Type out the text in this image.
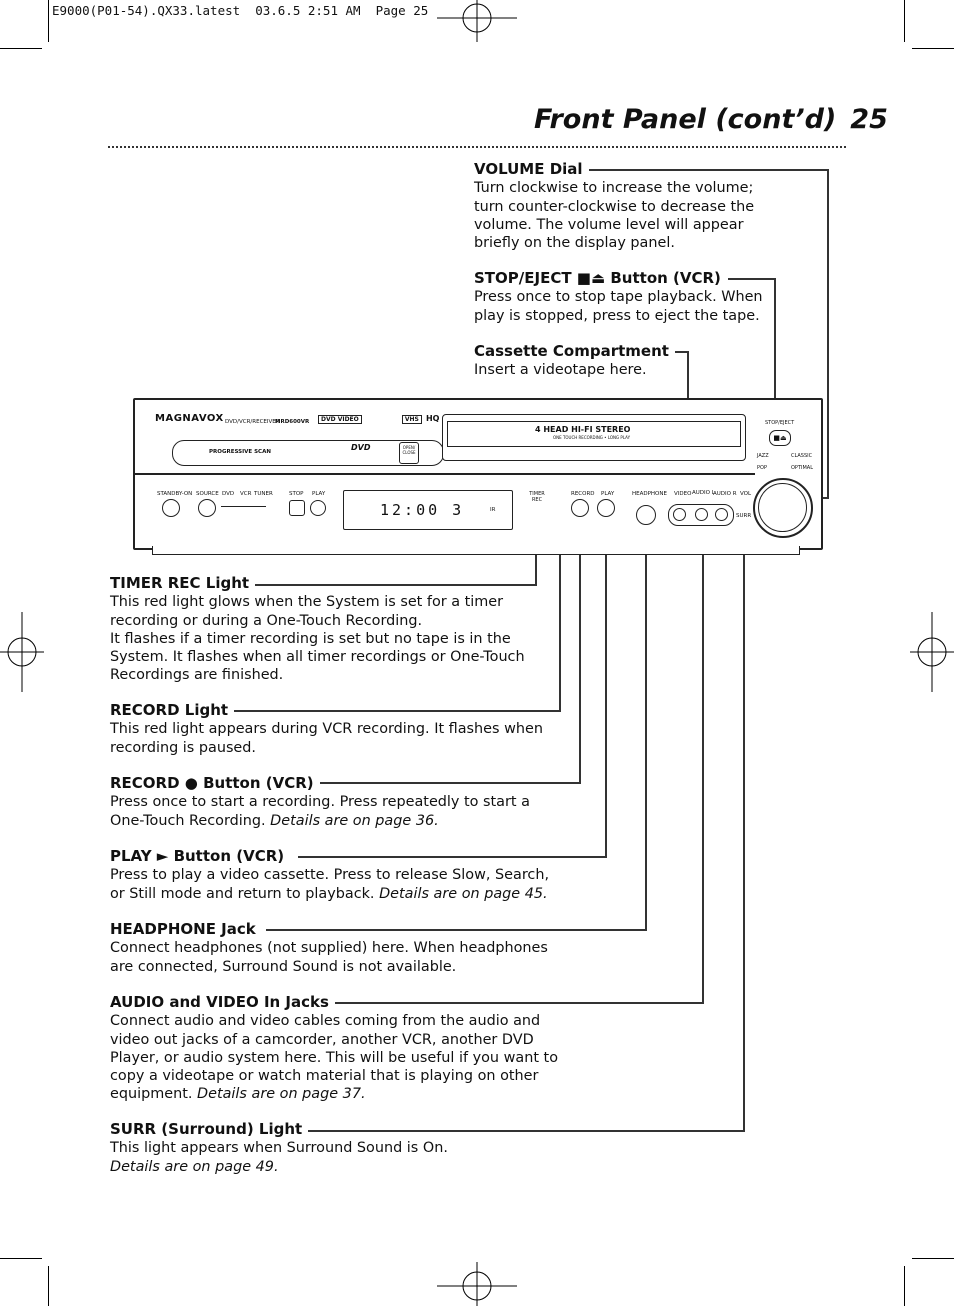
E9000(P01-54).QX33.latest  03.6.5 2:51 AM  Page 25
Front Panel (cont’d) 25
MAGNAVOX DVD/VCR/RECEIVER
MRD600VR	DVD VIDEO	VHS HQ
PROGRESSIVE SCAN	DVD	OPEN/ CLOSE
4 HEAD HI-FI STEREO
ONE TOUCH RECORDING • LONG PLAY
STOP/EJECT
■⏏
JAZZ	CLASSIC
POP	OPTIMAL
STANDBY-ON SOURCE DVD VCR TUNER	STOP PLAY
12:00 3	IR
TIMER REC
RECORD PLAY	HEADPHONE VIDEO AUDIO L
AUDIO R VOL
SURR
VOLUME Dial
Turn clockwise to increase the volume;
turn counter-clockwise to decrease the
volume. The volume level will appear
briefly on the display panel.
STOP/EJECT ■⏏ Button (VCR)
Press once to stop tape playback. When
play is stopped, press to eject the tape.
Cassette Compartment
Insert a videotape here.
TIMER REC Light
This red light glows when the System is set for a timer
recording or during a One-Touch Recording.
It flashes if a timer recording is set but no tape is in the
System. It flashes when all timer recordings or One-Touch
Recordings are finished.
RECORD Light
This red light appears during VCR recording. It flashes when
recording is paused.
RECORD ● Button (VCR)
Press once to start a recording. Press repeatedly to start a
One-Touch Recording. Details are on page 36.
PLAY ► Button (VCR)
Press to play a video cassette. Press to release Slow, Search,
or Still mode and return to playback. Details are on page 45.
HEADPHONE Jack
Connect headphones (not supplied) here. When headphones
are connected, Surround Sound is not available.
AUDIO and VIDEO In Jacks
Connect audio and video cables coming from the audio and
video out jacks of a camcorder, another VCR, another DVD
Player, or audio system here. This will be useful if you want to
copy a videotape or watch material that is playing on other
equipment. Details are on page 37.
SURR (Surround) Light
This light appears when Surround Sound is On.
Details are on page 49.
